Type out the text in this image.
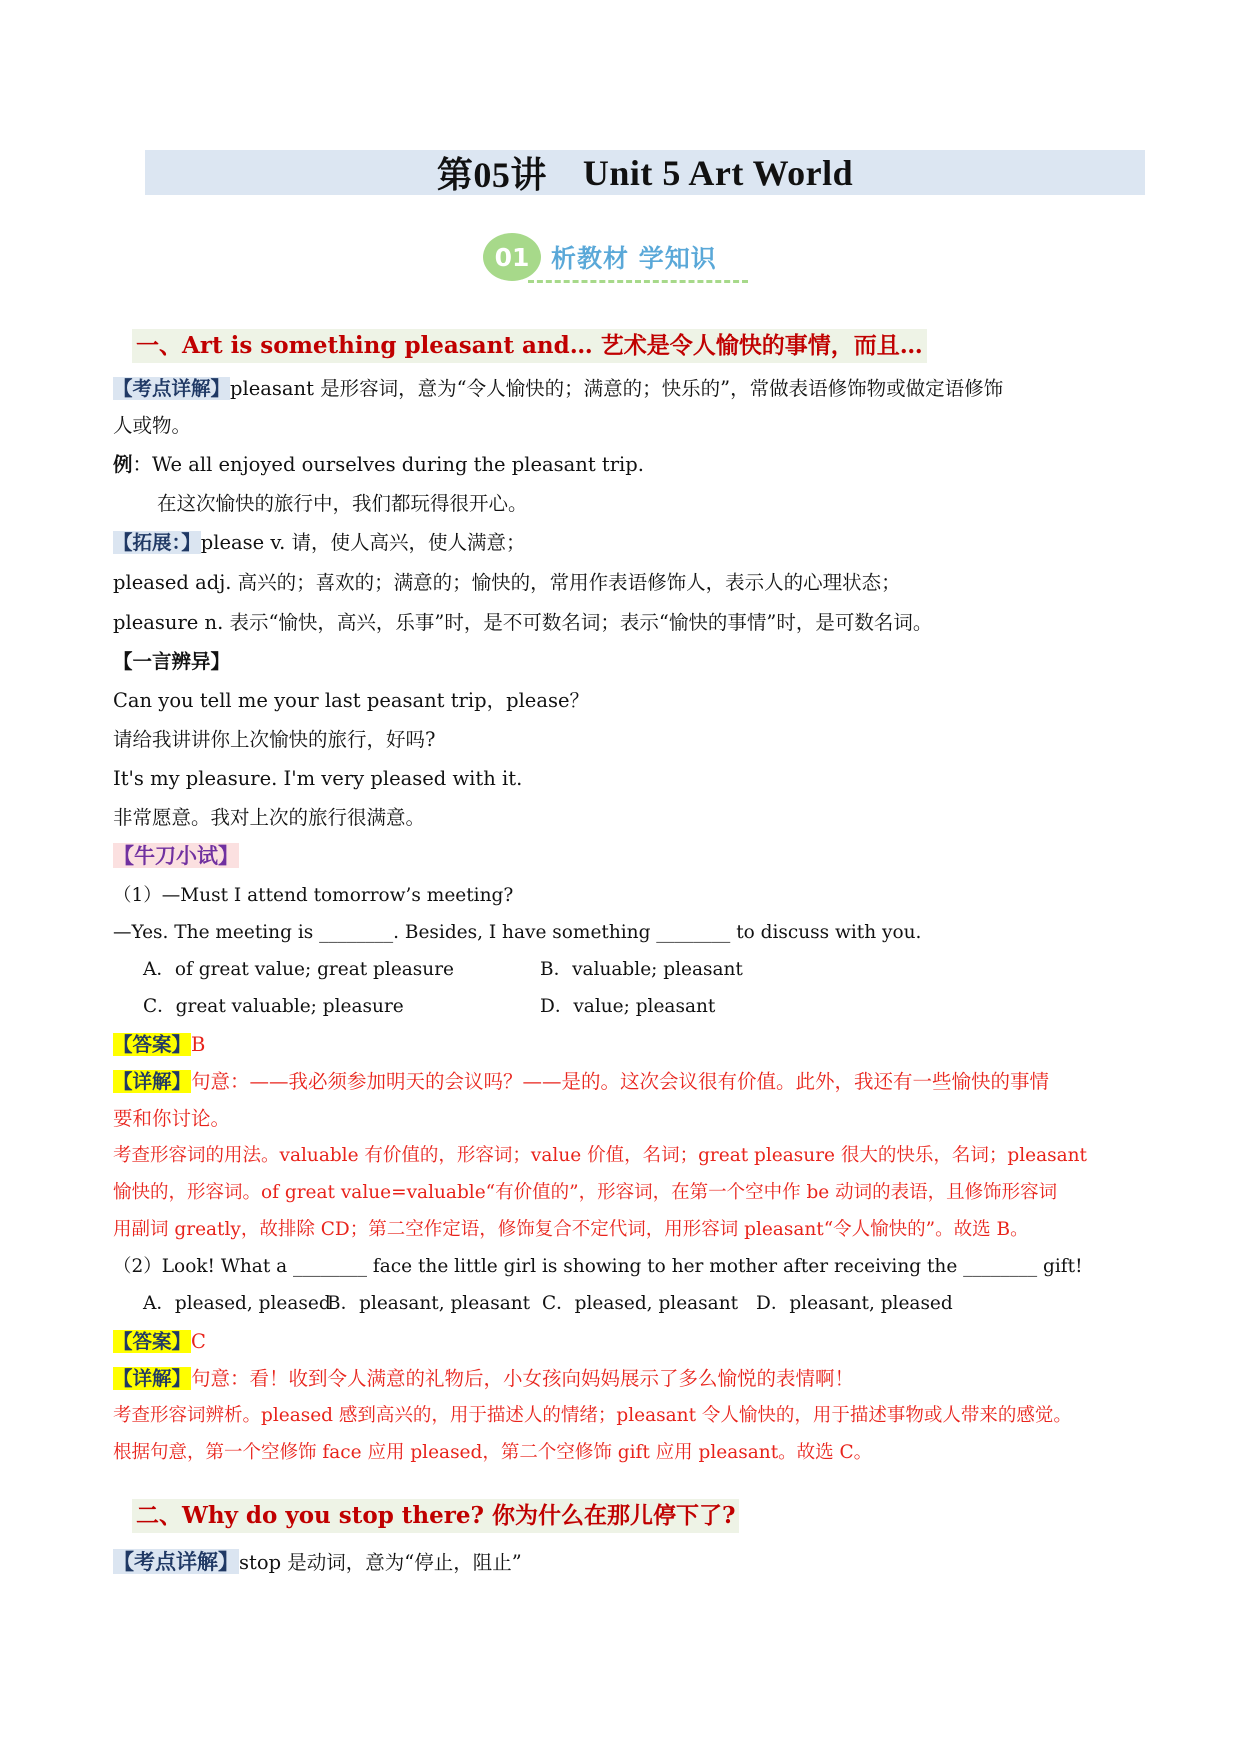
第05讲 Unit 5 Art World
01 析教材 学知识
一、Art is something pleasant and… 艺术是令人愉快的事情，而且…
【考点详解】pleasant 是形容词，意为“令人愉快的；满意的；快乐的”，常做表语修饰物或做定语修饰
人或物。
例：We all enjoyed ourselves during the pleasant trip.
在这次愉快的旅行中，我们都玩得很开心。
【拓展：】please v. 请，使人高兴，使人满意；
pleased adj. 高兴的；喜欢的；满意的；愉快的，常用作表语修饰人，表示人的心理状态；
pleasure n. 表示“愉快，高兴，乐事”时，是不可数名词；表示“愉快的事情”时，是可数名词。
【一言辨异】
Can you tell me your last peasant trip，please？
请给我讲讲你上次愉快的旅行，好吗?
It's my pleasure. I'm very pleased with it.
非常愿意。我对上次的旅行很满意。
【牛刀小试】
（1）—Must I attend tomorrow’s meeting?
—Yes. The meeting is ________. Besides, I have something ________ to discuss with you.
A．of great value; great pleasure	B．valuable; pleasant
C．great valuable; pleasure	D．value; pleasant
【答案】B
【详解】句意：——我必须参加明天的会议吗？——是的。这次会议很有价值。此外，我还有一些愉快的事情
要和你讨论。
考查形容词的用法。valuable 有价值的，形容词；value 价值，名词；great pleasure 很大的快乐，名词；pleasant
愉快的，形容词。of great value=valuable“有价值的”，形容词，在第一个空中作 be 动词的表语，且修饰形容词
用副词 greatly，故排除 CD；第二空作定语，修饰复合不定代词，用形容词 pleasant“令人愉快的”。故选 B。
（2）Look! What a ________ face the little girl is showing to her mother after receiving the ________ gift!
A．pleased, pleased
B．pleasant, pleasant C．pleased, pleasant D．pleasant, pleased
【答案】C
【详解】句意：看！收到令人满意的礼物后，小女孩向妈妈展示了多么愉悦的表情啊！
考查形容词辨析。pleased 感到高兴的，用于描述人的情绪；pleasant 令人愉快的，用于描述事物或人带来的感觉。
根据句意，第一个空修饰 face 应用 pleased，第二个空修饰 gift 应用 pleasant。故选 C。
二、Why do you stop there? 你为什么在那儿停下了?
【考点详解】stop 是动词，意为“停止，阻止”
